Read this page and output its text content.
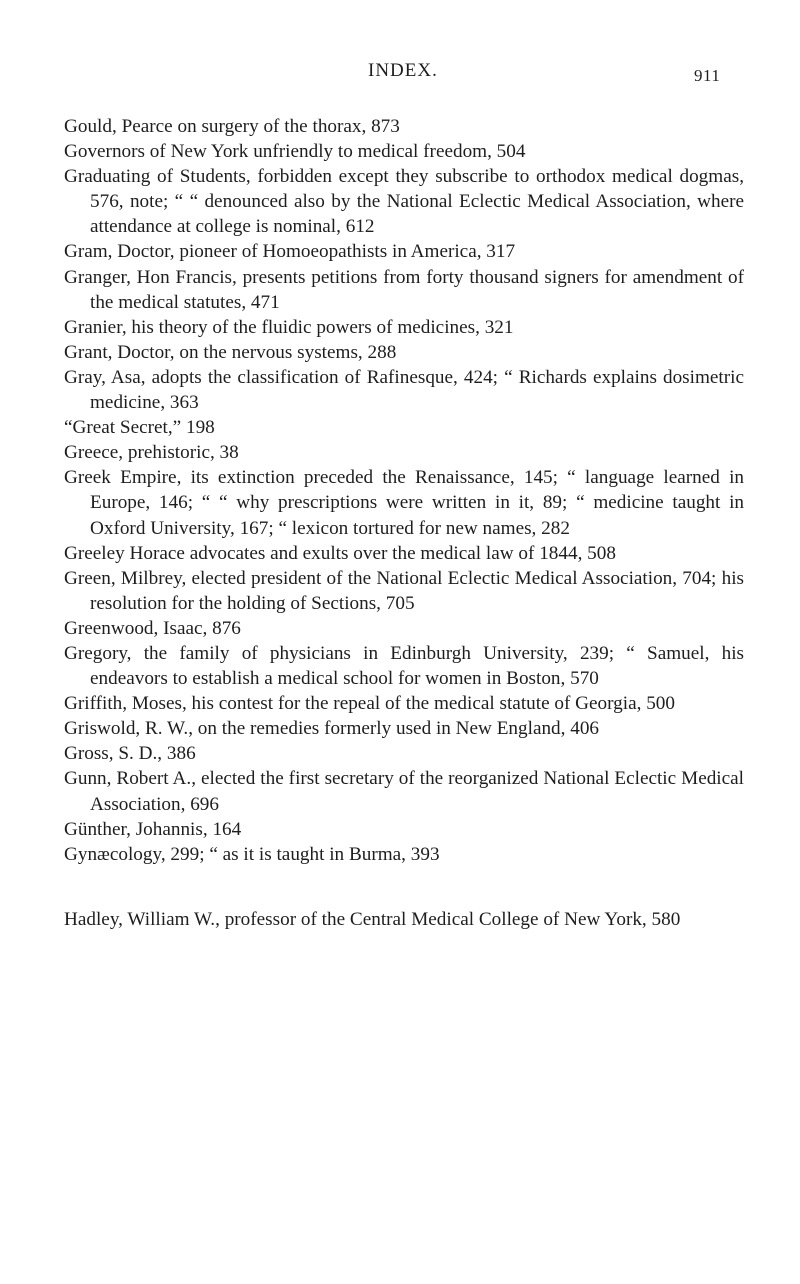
INDEX.	911
Gould, Pearce on surgery of the thorax, 873
Governors of New York unfriendly to medical freedom, 504
Graduating of Students, forbidden except they subscribe to orthodox medical dogmas, 576, note; “ “ denounced also by the National Eclectic Medical Association, where attendance at college is nominal, 612
Gram, Doctor, pioneer of Homoeopathists in America, 317
Granger, Hon Francis, presents petitions from forty thousand signers for amendment of the medical statutes, 471
Granier, his theory of the fluidic powers of medicines, 321
Grant, Doctor, on the nervous systems, 288
Gray, Asa, adopts the classification of Rafinesque, 424; “ Richards explains dosimetric medicine, 363
“Great Secret,” 198
Greece, prehistoric, 38
Greek Empire, its extinction preceded the Renaissance, 145; “ language learned in Europe, 146; “ “ why prescriptions were written in it, 89; “ medicine taught in Oxford University, 167; “ lexicon tortured for new names, 282
Greeley Horace advocates and exults over the medical law of 1844, 508
Green, Milbrey, elected president of the National Eclectic Medical Association, 704; his resolution for the holding of Sections, 705
Greenwood, Isaac, 876
Gregory, the family of physicians in Edinburgh University, 239; “ Samuel, his endeavors to establish a medical school for women in Boston, 570
Griffith, Moses, his contest for the repeal of the medical statute of Georgia, 500
Griswold, R. W., on the remedies formerly used in New England, 406
Gross, S. D., 386
Gunn, Robert A., elected the first secretary of the reorganized National Eclectic Medical Association, 696
Günther, Johannis, 164
Gynæcology, 299; “ as it is taught in Burma, 393
Hadley, William W., professor of the Central Medical College of New York, 580
